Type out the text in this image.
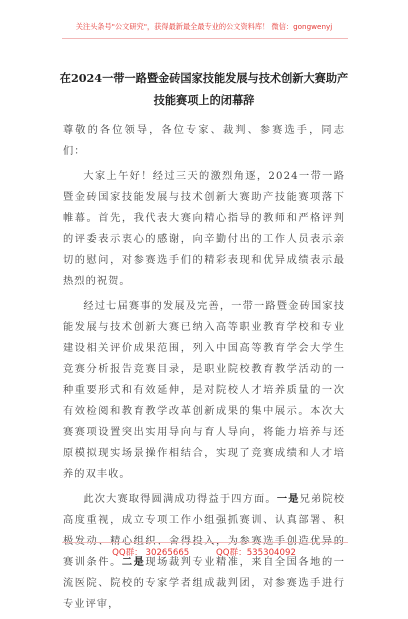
关注头条号"公文研究"，获得最新最全最专业的公文资料库！ 微信：gongwenyj
在2024一带一路暨金砖国家技能发展与技术创新大赛助产
技能赛项上的闭幕辞

尊敬的各位领导，各位专家、裁判、参赛选手，同志们：

大家上午好！经过三天的激烈角逐，2024一带一路暨金砖国家技能发展与技术创新大赛助产技能赛项落下帷幕。首先，我代表大赛向精心指导的教师和严格评判的评委表示衷心的感谢，向辛勤付出的工作人员表示亲切的慰问，对参赛选手们的精彩表现和优异成绩表示最热烈的祝贺。

经过七届赛事的发展及完善，一带一路暨金砖国家技能发展与技术创新大赛已纳入高等职业教育学校和专业建设相关评价成果范围，列入中国高等教育学会大学生竞赛分析报告竞赛目录，是职业院校教育教学活动的一种重要形式和有效延伸，是对院校人才培养质量的一次有效检阅和教育教学改革创新成果的集中展示。本次大赛赛项设置突出实用导向与育人导向，将能力培养与还原模拟现实场景操作相结合，实现了竞赛成绩和人才培养的双丰收。

此次大赛取得圆满成功得益于四方面。一是兄弟院校高度重视，成立专项工作小组强抓赛训、认真部署、积极发动、精心组织、舍得投入，为参赛选手创造优异的赛训条件。二是现场裁判专业精准，来自全国各地的一流医院、院校的专家学者组成裁判团，对参赛选手进行专业评审，

QQ群： 30265665	QQ群：535304092
